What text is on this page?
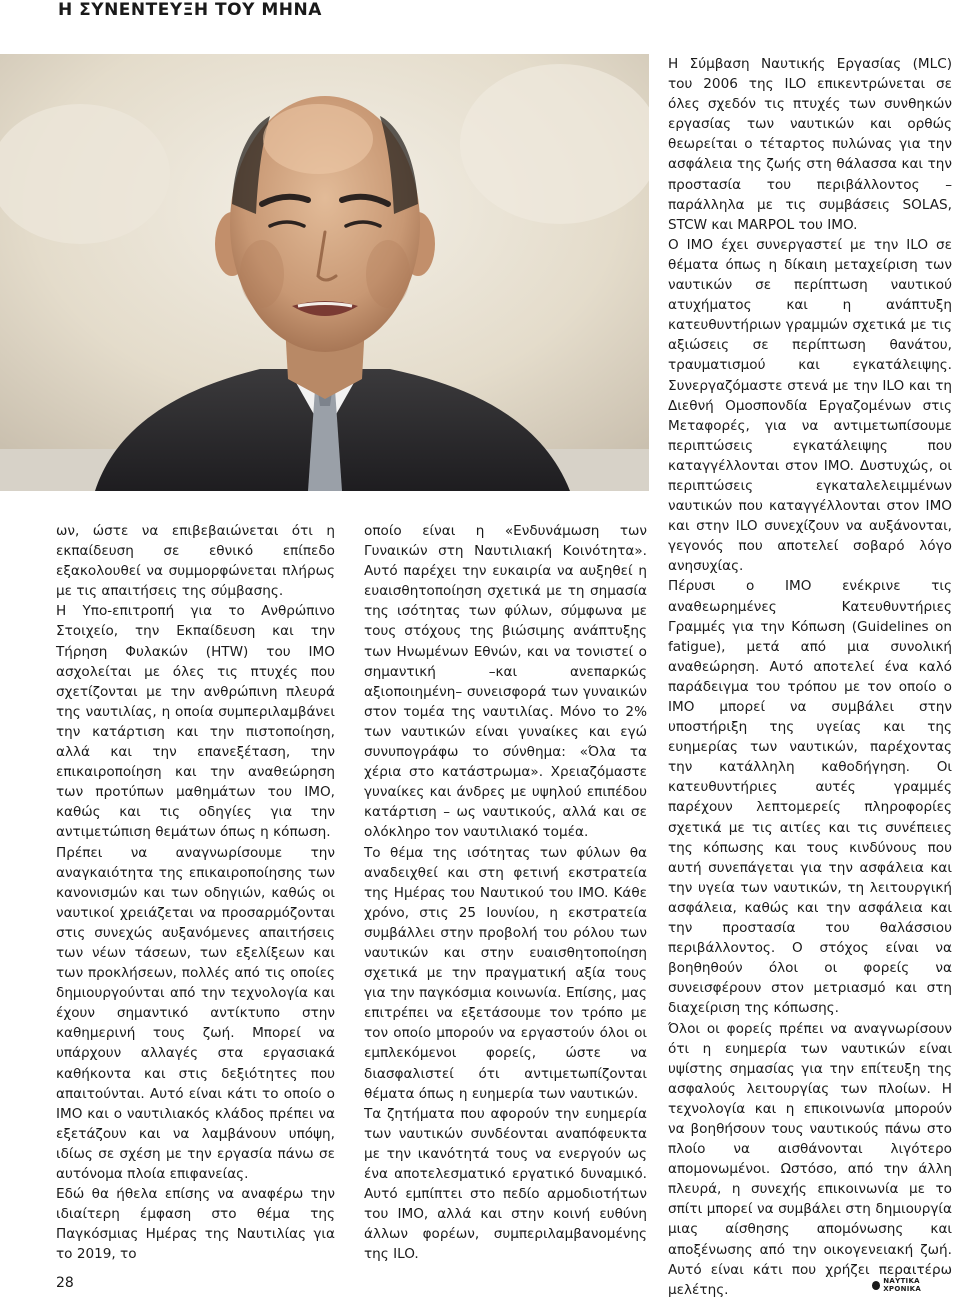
Η ΣΥΝΕΝΤΕΥΞΗ ΤΟΥ ΜΗΝΑ

ων, ώστε να επιβεβαιώνεται ότι η εκπαίδευση σε εθνικό επίπεδο εξακολουθεί να συμμορφώνεται πλήρως με τις απαιτήσεις της σύμβασης.

Η Υπο-επιτροπή για το Ανθρώπινο Στοιχείο, την Εκπαίδευση και την Τήρηση Φυλακών (HTW) του IMO ασχολείται με όλες τις πτυχές που σχετίζονται με την ανθρώπινη πλευρά της ναυτιλίας, η οποία συμπεριλαμβάνει την κατάρτιση και την πιστοποίηση, αλλά και την επανεξέταση, την επικαιροποίηση και την αναθεώρηση των προτύπων μαθημάτων του IMO, καθώς και τις οδηγίες για την αντιμετώπιση θεμάτων όπως η κόπωση.

Πρέπει να αναγνωρίσουμε την αναγκαιότητα της επικαιροποίησης των κανονισμών και των οδηγιών, καθώς οι ναυτικοί χρειάζεται να προσαρμόζονται στις συνεχώς αυξανόμενες απαιτήσεις των νέων τάσεων, των εξελίξεων και των προκλήσεων, πολλές από τις οποίες δημιουργούνται από την τεχνολογία και έχουν σημαντικό αντίκτυπο στην καθημερινή τους ζωή. Μπορεί να υπάρχουν αλλαγές στα εργασιακά καθήκοντα και στις δεξιότητες που απαιτούνται. Αυτό είναι κάτι το οποίο ο IMO και ο ναυτιλιακός κλάδος πρέπει να εξετάζουν και να λαμβάνουν υπόψη, ιδίως σε σχέση με την εργασία πάνω σε αυτόνομα πλοία επιφανείας.

Εδώ θα ήθελα επίσης να αναφέρω την ιδιαίτερη έμφαση στο θέμα της Παγκόσμιας Ημέρας της Ναυτιλίας για το 2019, το

οποίο είναι η «Ενδυνάμωση των Γυναικών στη Ναυτιλιακή Κοινότητα». Αυτό παρέχει την ευκαιρία να αυξηθεί η ευαισθητοποίηση σχετικά με τη σημασία της ισότητας των φύλων, σύμφωνα με τους στόχους της βιώσιμης ανάπτυξης των Ηνωμένων Εθνών, και να τονιστεί ο σημαντική –και ανεπαρκώς αξιοποιημένη– συνεισφορά των γυναικών στον τομέα της ναυτιλίας. Μόνο το 2% των ναυτικών είναι γυναίκες και εγώ συνυπογράφω το σύνθημα: «Όλα τα χέρια στο κατάστρωμα». Χρειαζόμαστε γυναίκες και άνδρες με υψηλού επιπέδου κατάρτιση – ως ναυτικούς, αλλά και σε ολόκληρο τον ναυτιλιακό τομέα.

Το θέμα της ισότητας των φύλων θα αναδειχθεί και στη φετινή εκστρατεία της Ημέρας του Ναυτικού του IMO. Κάθε χρόνο, στις 25 Ιουνίου, η εκστρατεία συμβάλλει στην προβολή του ρόλου των ναυτικών και στην ευαισθητοποίηση σχετικά με την πραγματική αξία τους για την παγκόσμια κοινωνία. Επίσης, μας επιτρέπει να εξετάσουμε τον τρόπο με τον οποίο μπορούν να εργαστούν όλοι οι εμπλεκόμενοι φορείς, ώστε να διασφαλιστεί ότι αντιμετωπίζονται θέματα όπως η ευημερία των ναυτικών.

Τα ζητήματα που αφορούν την ευημερία των ναυτικών συνδέονται αναπόφευκτα με την ικανότητά τους να ενεργούν ως ένα αποτελεσματικό εργατικό δυναμικό. Αυτό εμπίπτει στο πεδίο αρμοδιοτήτων του IMO, αλλά και στην κοινή ευθύνη άλλων φορέων, συμπεριλαμβανομένης της ILO.

Η Σύμβαση Ναυτικής Εργασίας (MLC) του 2006 της ILO επικεντρώνεται σε όλες σχεδόν τις πτυχές των συνθηκών εργασίας των ναυτικών και ορθώς θεωρείται ο τέταρτος πυλώνας για την ασφάλεια της ζωής στη θάλασσα και την προστασία του περιβάλλοντος – παράλληλα με τις συμβάσεις SOLAS, STCW και MARPOL του IMO.

Ο IMO έχει συνεργαστεί με την ILO σε θέματα όπως η δίκαιη μεταχείριση των ναυτικών σε περίπτωση ναυτικού ατυχήματος και η ανάπτυξη κατευθυντήριων γραμμών σχετικά με τις αξιώσεις σε περίπτωση θανάτου, τραυματισμού και εγκατάλειψης. Συνεργαζόμαστε στενά με την ILO και τη Διεθνή Ομοσπονδία Εργαζομένων στις Μεταφορές, για να αντιμετωπίσουμε περιπτώσεις εγκατάλειψης που καταγγέλλονται στον IMO. Δυστυχώς, οι περιπτώσεις εγκαταλελειμμένων ναυτικών που καταγγέλλονται στον IMO και στην ILO συνεχίζουν να αυξάνονται, γεγονός που αποτελεί σοβαρό λόγο ανησυχίας.

Πέρυσι ο IMO ενέκρινε τις αναθεωρημένες Κατευθυντήριες Γραμμές για την Κόπωση (Guidelines on fatigue), μετά από μια συνολική αναθεώρηση. Αυτό αποτελεί ένα καλό παράδειγμα του τρόπου με τον οποίο ο IMO μπορεί να συμβάλει στην υποστήριξη της υγείας και της ευημερίας των ναυτικών, παρέχοντας την κατάλληλη καθοδήγηση. Οι κατευθυντήριες αυτές γραμμές παρέχουν λεπτομερείς πληροφορίες σχετικά με τις αιτίες και τις συνέπειες της κόπωσης και τους κινδύνους που αυτή συνεπάγεται για την ασφάλεια και την υγεία των ναυτικών, τη λειτουργική ασφάλεια, καθώς και την ασφάλεια και την προστασία του θαλάσσιου περιβάλλοντος. Ο στόχος είναι να βοηθηθούν όλοι οι φορείς να συνεισφέρουν στον μετριασμό και στη διαχείριση της κόπωσης.

Όλοι οι φορείς πρέπει να αναγνωρίσουν ότι η ευημερία των ναυτικών είναι υψίστης σημασίας για την επίτευξη της ασφαλούς λειτουργίας των πλοίων. Η τεχνολογία και η επικοινωνία μπορούν να βοηθήσουν τους ναυτικούς πάνω στο πλοίο να αισθάνονται λιγότερο απομονωμένοι. Ωστόσο, από την άλλη πλευρά, η συνεχής επικοινωνία με το σπίτι μπορεί να συμβάλει στη δημιουργία μιας αίσθησης απομόνωσης και αποξένωσης από την οικογενειακή ζωή. Αυτό είναι κάτι που χρήζει περαιτέρω μελέτης.

28	ΝΑΥΤΙΚΑ ΧΡΟΝΙΚΑ
